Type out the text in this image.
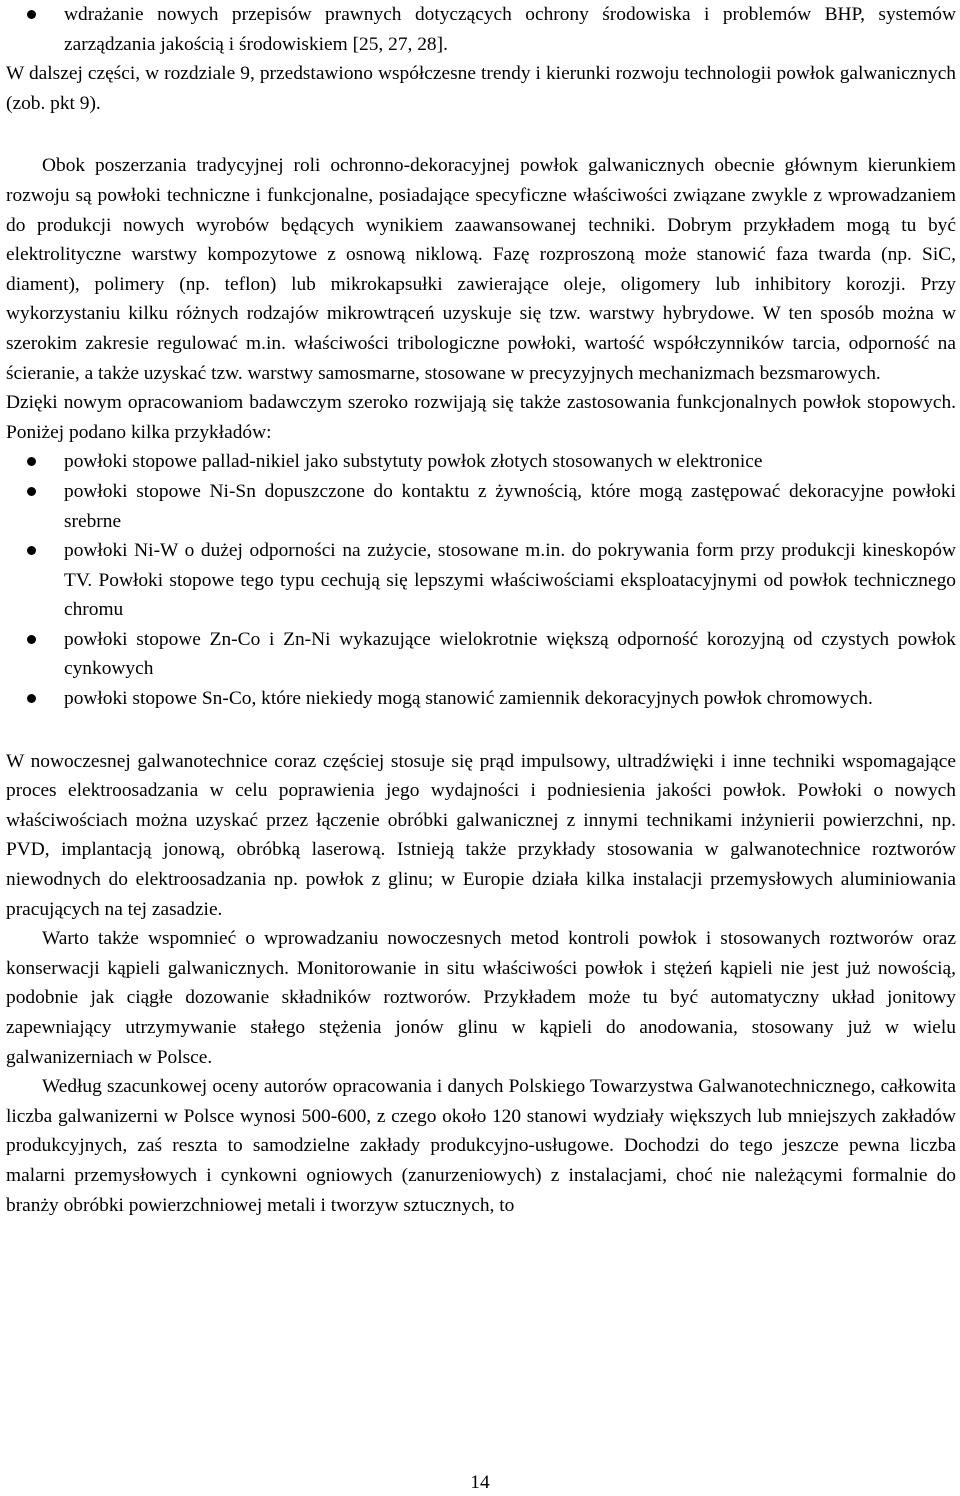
wdrażanie nowych przepisów prawnych dotyczących ochrony środowiska i problemów BHP, systemów zarządzania jakością i środowiskiem [25, 27, 28].

W dalszej części, w rozdziale 9, przedstawiono współczesne trendy i kierunki rozwoju technologii powłok galwanicznych (zob. pkt 9).

Obok poszerzania tradycyjnej roli ochronno-dekoracyjnej powłok galwanicznych obecnie głównym kierunkiem rozwoju są powłoki techniczne i funkcjonalne, posiadające specyficzne właściwości związane zwykle z wprowadzaniem do produkcji nowych wyrobów będących wynikiem zaawansowanej techniki. Dobrym przykładem mogą tu być elektrolityczne warstwy kompozytowe z osnową niklową. Fazę rozproszoną może stanowić faza twarda (np. SiC, diament), polimery (np. teflon) lub mikrokapsułki zawierające oleje, oligomery lub inhibitory korozji. Przy wykorzystaniu kilku różnych rodzajów mikrowtrąceń uzyskuje się tzw. warstwy hybrydowe. W ten sposób można w szerokim zakresie regulować m.in. właściwości tribologiczne powłoki, wartość współczynników tarcia, odporność na ścieranie, a także uzyskać tzw. warstwy samosmarne, stosowane w precyzyjnych mechanizmach bezsmarowych.

Dzięki nowym opracowaniom badawczym szeroko rozwijają się także zastosowania funkcjonalnych powłok stopowych. Poniżej podano kilka przykładów:

powłoki stopowe pallad-nikiel jako substytuty powłok złotych stosowanych w elektronice
powłoki stopowe Ni-Sn dopuszczone do kontaktu z żywnością, które mogą zastępować dekoracyjne powłoki srebrne
powłoki Ni-W o dużej odporności na zużycie, stosowane m.in. do pokrywania form przy produkcji kineskopów TV. Powłoki stopowe tego typu cechują się lepszymi właściwościami eksploatacyjnymi od powłok technicznego chromu
powłoki stopowe Zn-Co i Zn-Ni wykazujące wielokrotnie większą odporność korozyjną od czystych powłok cynkowych
powłoki stopowe Sn-Co, które niekiedy mogą stanowić zamiennik dekoracyjnych powłok chromowych.

W nowoczesnej galwanotechnice coraz częściej stosuje się prąd impulsowy, ultradźwięki i inne techniki wspomagające proces elektroosadzania w celu poprawienia jego wydajności i podniesienia jakości powłok. Powłoki o nowych właściwościach można uzyskać przez łączenie obróbki galwanicznej z innymi technikami inżynierii powierzchni, np. PVD, implantacją jonową, obróbką laserową. Istnieją także przykłady stosowania w galwanotechnice roztworów niewodnych do elektroosadzania np. powłok z glinu; w Europie działa kilka instalacji przemysłowych aluminiowania pracujących na tej zasadzie.

Warto także wspomnieć o wprowadzaniu nowoczesnych metod kontroli powłok i stosowanych roztworów oraz konserwacji kąpieli galwanicznych. Monitorowanie in situ właściwości powłok i stężeń kąpieli nie jest już nowością, podobnie jak ciągłe dozowanie składników roztworów. Przykładem może tu być automatyczny układ jonitowy zapewniający utrzymywanie stałego stężenia jonów glinu w kąpieli do anodowania, stosowany już w wielu galwanizerniach w Polsce.

Według szacunkowej oceny autorów opracowania i danych Polskiego Towarzystwa Galwanotechnicznego, całkowita liczba galwanizerni w Polsce wynosi 500-600, z czego około 120 stanowi wydziały większych lub mniejszych zakładów produkcyjnych, zaś reszta to samodzielne zakłady produkcyjno-usługowe. Dochodzi do tego jeszcze pewna liczba malarni przemysłowych i cynkowni ogniowych (zanurzeniowych) z instalacjami, choć nie należącymi formalnie do branży obróbki powierzchniowej metali i tworzyw sztucznych, to

14
